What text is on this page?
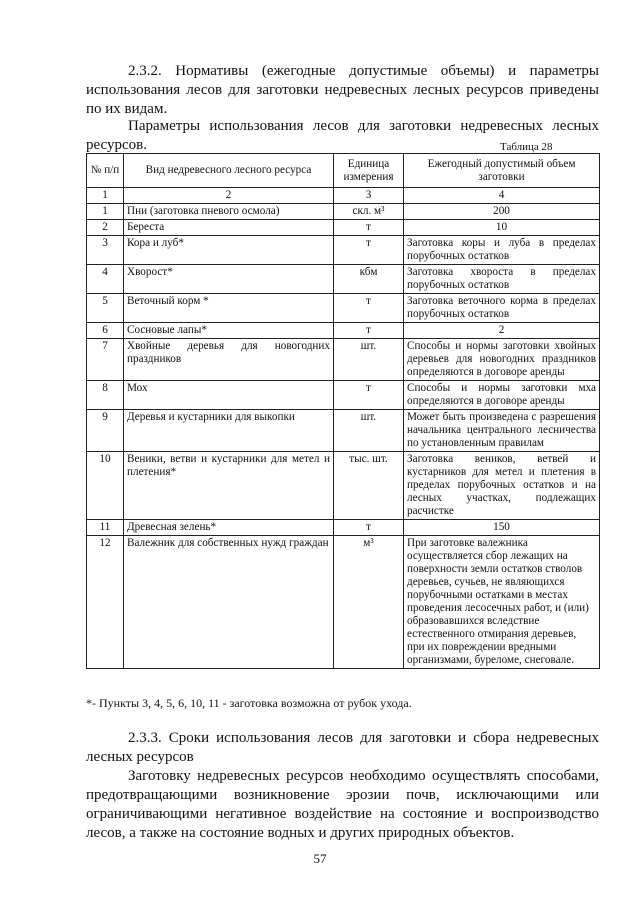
2.3.2. Нормативы (ежегодные допустимые объемы) и параметры использования лесов для заготовки недревесных лесных ресурсов приведены по их видам.
Параметры использования лесов для заготовки недревесных лесных ресурсов.	Таблица 28
№ п/п	Вид недревесного лесного ресурса	Единица измерения	Ежегодный допустимый объем заготовки
1	2	3	4
1	Пни (заготовка пневого осмола)	скл. м³	200
2	Береста	т	10
3	Кора и луб*	т	Заготовка коры и луба в пределах порубочных остатков
4	Хворост*	кбм	Заготовка хвороста в пределах порубочных остатков
5	Веточный корм *	т	Заготовка веточного корма в пределах порубочных остатков
6	Сосновые лапы*	т	2
7	Хвойные деревья для новогодних праздников	шт.	Способы и нормы заготовки хвойных деревьев для новогодних праздников определяются в договоре аренды
8	Мох	т	Способы и нормы заготовки мха определяются в договоре аренды
9	Деревья и кустарники для выкопки	шт.	Может быть произведена с разрешения начальника центрального лесничества по установленным правилам
10	Веники, ветви и кустарники для метел и плетения*	тыс. шт.	Заготовка веников, ветвей и кустарников для метел и плетения в пределах порубочных остатков и на лесных участках, подлежащих расчистке
11	Древесная зелень*	т	150
12	Валежник для собственных нужд граждан	м³	При заготовке валежника осуществляется сбор лежащих на поверхности земли остатков стволов деревьев, сучьев, не являющихся порубочными остатками в местах проведения лесосечных работ, и (или) образовавшихся вследствие естественного отмирания деревьев, при их повреждении вредными организмами, буреломе, снеговале.
*- Пункты 3, 4, 5, 6, 10, 11 - заготовка возможна от рубок ухода.
2.3.3. Сроки использования лесов для заготовки и сбора недревесных лесных ресурсов
Заготовку недревесных ресурсов необходимо осуществлять способами, предотвращающими возникновение эрозии почв, исключающими или ограничивающими негативное воздействие на состояние и воспроизводство лесов, а также на состояние водных и других природных объектов.
57
